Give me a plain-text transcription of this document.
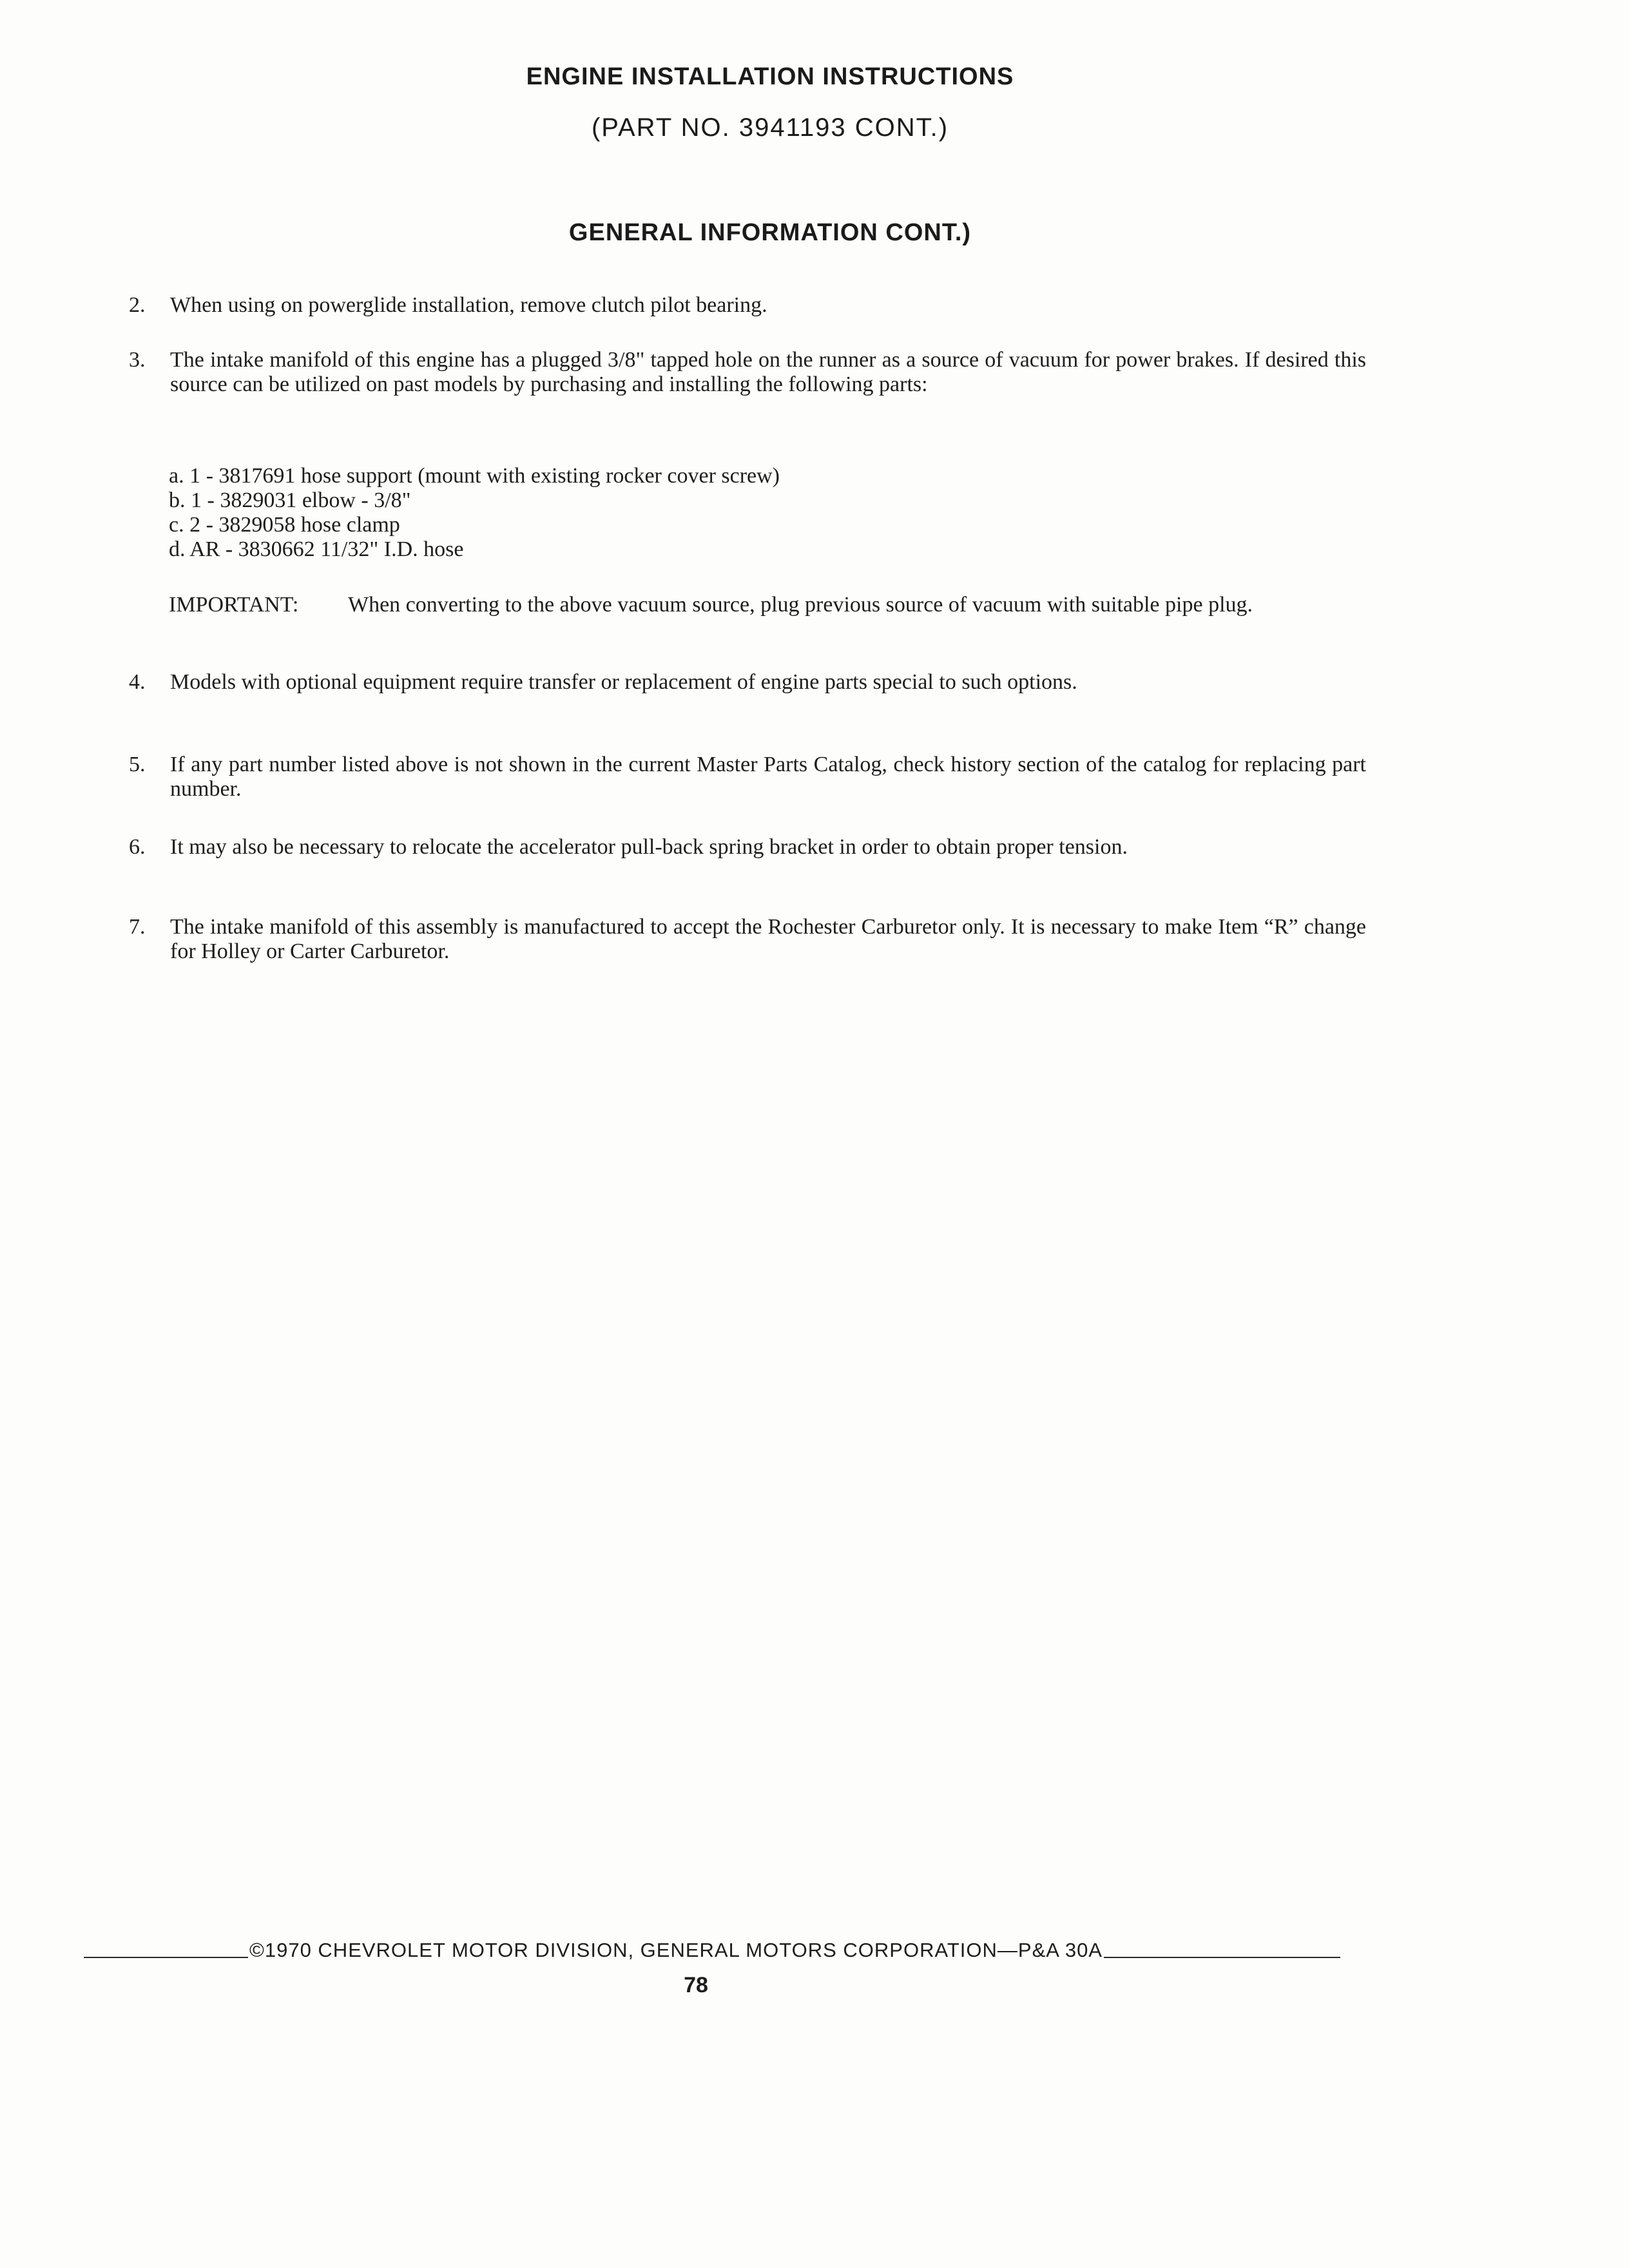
ENGINE INSTALLATION INSTRUCTIONS
(PART NO. 3941193 CONT.)
GENERAL INFORMATION CONT.)
2. When using on powerglide installation, remove clutch pilot bearing.
3. The intake manifold of this engine has a plugged 3/8" tapped hole on the runner as a source of vacuum for power brakes. If desired this source can be utilized on past models by purchasing and installing the following parts:
a. 1 - 3817691 hose support (mount with existing rocker cover screw)
b. 1 - 3829031 elbow - 3/8"
c. 2 - 3829058 hose clamp
d. AR - 3830662 11/32" I.D. hose
IMPORTANT: When converting to the above vacuum source, plug previous source of vacuum with suitable pipe plug.
4. Models with optional equipment require transfer or replacement of engine parts special to such options.
5. If any part number listed above is not shown in the current Master Parts Catalog, check history section of the catalog for replacing part number.
6. It may also be necessary to relocate the accelerator pull-back spring bracket in order to obtain proper tension.
7. The intake manifold of this assembly is manufactured to accept the Rochester Carburetor only. It is necessary to make Item “R” change for Holley or Carter Carburetor.
©1970 CHEVROLET MOTOR DIVISION, GENERAL MOTORS CORPORATION—P&A 30A
78
